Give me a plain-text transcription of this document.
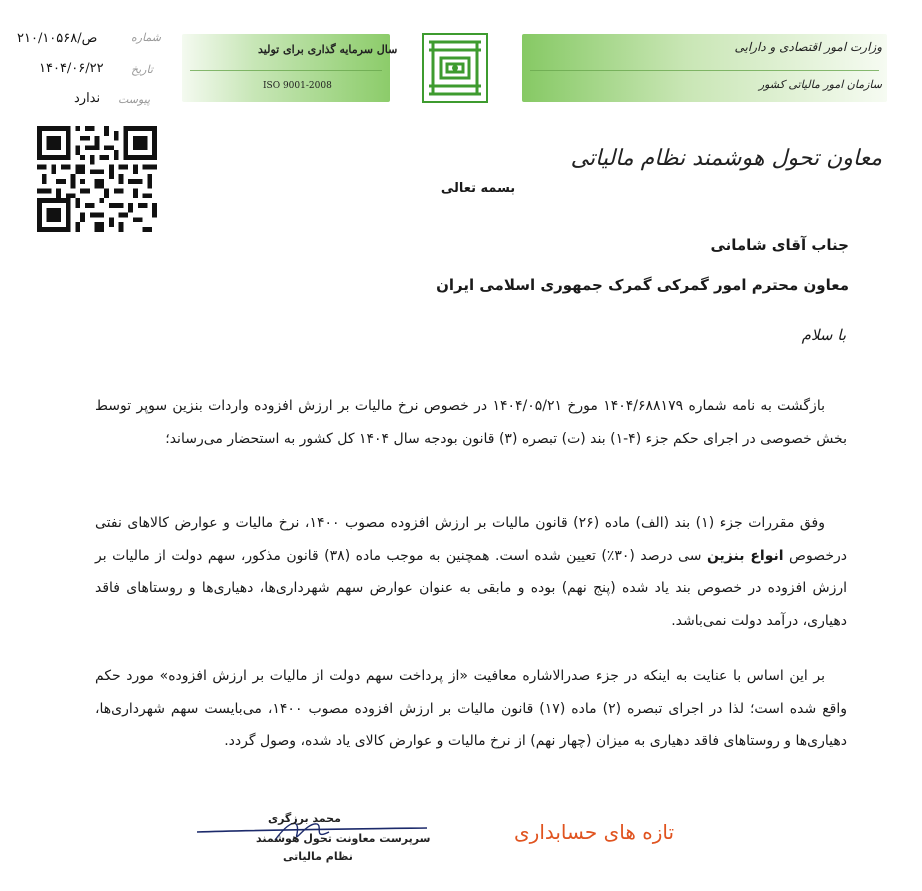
وزارت امور اقتصادی و دارایی
سازمان امور مالیاتی کشور
سال سرمایه گذاری برای تولید
ISO 9001-2008
۲۱۰/۱۰۵۶۸/ص	شماره
۱۴۰۴/۰۶/۲۲ تاریخ
ندارد پیوست
معاون تحول هوشمند نظام مالیاتی
بسمه تعالی
جناب آقای شامانی
معاون محترم امور گمرکی گمرک جمهوری اسلامی ایران
با سلام
بازگشت به نامه شماره ۱۴۰۴/۶۸۸۱۷۹ مورخ ۱۴۰۴/۰۵/۲۱ در خصوص نرخ مالیات بر ارزش افزوده واردات بنزین سوپر توسط بخش خصوصی در اجرای حکم جزء (۴-۱) بند (ت) تبصره (۳) قانون بودجه سال ۱۴۰۴ کل کشور به استحضار می‌رساند؛
وفق مقررات جزء (۱) بند (الف) ماده (۲۶) قانون مالیات بر ارزش افزوده مصوب ۱۴۰۰، نرخ مالیات و عوارض کالاهای نفتی درخصوص انواع بنزین سی درصد (۳۰٪) تعیین شده است. همچنین به موجب ماده (۳۸) قانون مذکور، سهم دولت از مالیات بر ارزش افزوده در خصوص بند یاد شده (پنج نهم) بوده و مابقی به عنوان عوارض سهم شهرداری‌ها، دهیاری‌ها و روستاهای فاقد دهیاری، درآمد دولت نمی‌باشد.
بر این اساس با عنایت به اینکه در جزء صدرالاشاره معافیت «از پرداخت سهم دولت از مالیات بر ارزش افزوده» مورد حکم واقع شده است؛ لذا در اجرای تبصره (۲) ماده (۱۷) قانون مالیات بر ارزش افزوده مصوب ۱۴۰۰، می‌بایست سهم شهرداری‌ها، دهیاری‌ها و روستاهای فاقد دهیاری به میزان (چهار نهم) از نرخ مالیات و عوارض کالای یاد شده، وصول گردد.
محمد برزگری
سرپرست معاونت تحول هوشمند
نظام مالیاتی
تازه های حسابداری
